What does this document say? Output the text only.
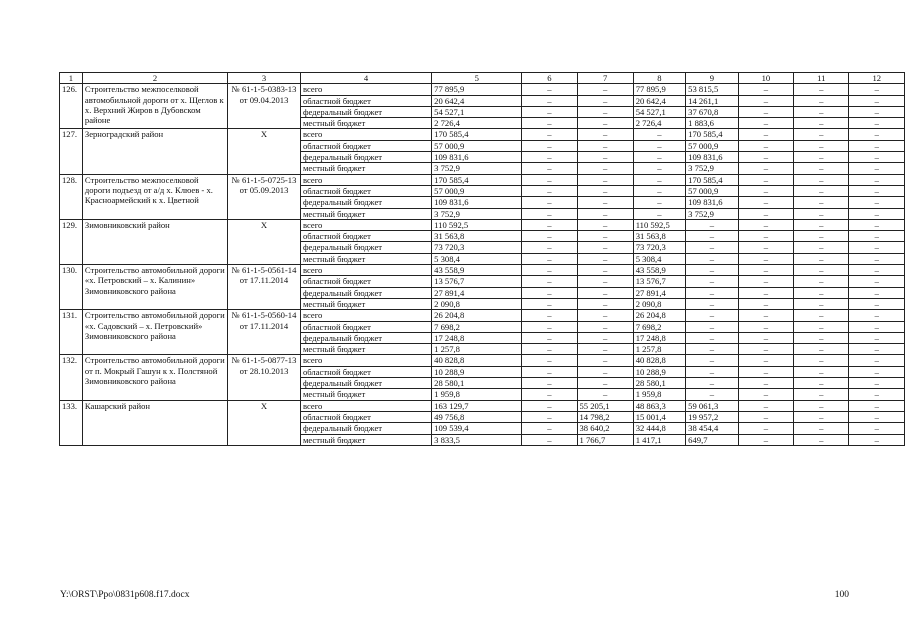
1	2	3	4	5	6	7	8	9	10	11	12
126.	Строительство межпоселковой автомобильной дороги от х. Щеглов к х. Верхний Жиров в Дубовском районе	№ 61-1-5-0383-13 от 09.04.2013	всего	77 895,9	–	–	77 895,9	53 815,5	–	–	–
			областной бюджет	20 642,4	–	–	20 642,4	14 261,1	–	–	–
			федеральный бюджет	54 527,1	–	–	54 527,1	37 670,8	–	–	–
			местный бюджет	2 726,4	–	–	2 726,4	1 883,6	–	–	–
127.	Зерноградский район	Х	всего	170 585,4	–	–	–	170 585,4	–	–	–
			областной бюджет	57 000,9	–	–	–	57 000,9	–	–	–
			федеральный бюджет	109 831,6	–	–	–	109 831,6	–	–	–
			местный бюджет	3 752,9	–	–	–	3 752,9	–	–	–
128.	Строительство межпоселковой дороги подъезд от а/д х. Клюев - х. Красноармейский к х. Цветной	№ 61-1-5-0725-13 от 05.09.2013	всего	170 585,4	–	–	–	170 585,4	–	–	–
			областной бюджет	57 000,9	–	–	–	57 000,9	–	–	–
			федеральный бюджет	109 831,6	–	–	–	109 831,6	–	–	–
			местный бюджет	3 752,9	–	–	–	3 752,9	–	–	–
129.	Зимовниковский район	Х	всего	110 592,5	–	–	110 592,5	–	–	–	–
			областной бюджет	31 563,8	–	–	31 563,8	–	–	–	–
			федеральный бюджет	73 720,3	–	–	73 720,3	–	–	–	–
			местный бюджет	5 308,4	–	–	5 308,4	–	–	–	–
130.	Строительство автомобильной дороги «х. Петровский – х. Калинин» Зимовниковского района	№ 61-1-5-0561-14 от 17.11.2014	всего	43 558,9	–	–	43 558,9	–	–	–	–
			областной бюджет	13 576,7	–	–	13 576,7	–	–	–	–
			федеральный бюджет	27 891,4	–	–	27 891,4	–	–	–	–
			местный бюджет	2 090,8	–	–	2 090,8	–	–	–	–
131.	Строительство автомобильной дороги «х. Садовский – х. Петровский» Зимовниковского района	№ 61-1-5-0560-14 от 17.11.2014	всего	26 204,8	–	–	26 204,8	–	–	–	–
			областной бюджет	7 698,2	–	–	7 698,2	–	–	–	–
			федеральный бюджет	17 248,8	–	–	17 248,8	–	–	–	–
			местный бюджет	1 257,8	–	–	1 257,8	–	–	–	–
132.	Строительство автомобильной дороги от п. Мокрый Гашун к х. Полстяной Зимовниковского района	№ 61-1-5-0877-13 от 28.10.2013	всего	40 828,8	–	–	40 828,8	–	–	–	–
			областной бюджет	10 288,9	–	–	10 288,9	–	–	–	–
			федеральный бюджет	28 580,1	–	–	28 580,1	–	–	–	–
			местный бюджет	1 959,8	–	–	1 959,8	–	–	–	–
133.	Кашарский район	Х	всего	163 129,7	–	55 205,1	48 863,3	59 061,3	–	–	–
			областной бюджет	49 756,8	–	14 798,2	15 001,4	19 957,2	–	–	–
			федеральный бюджет	109 539,4	–	38 640,2	32 444,8	38 454,4	–	–	–
			местный бюджет	3 833,5	–	1 766,7	1 417,1	649,7	–	–	–
Y:\ORST\Ppo\0831p608.f17.docx	100
